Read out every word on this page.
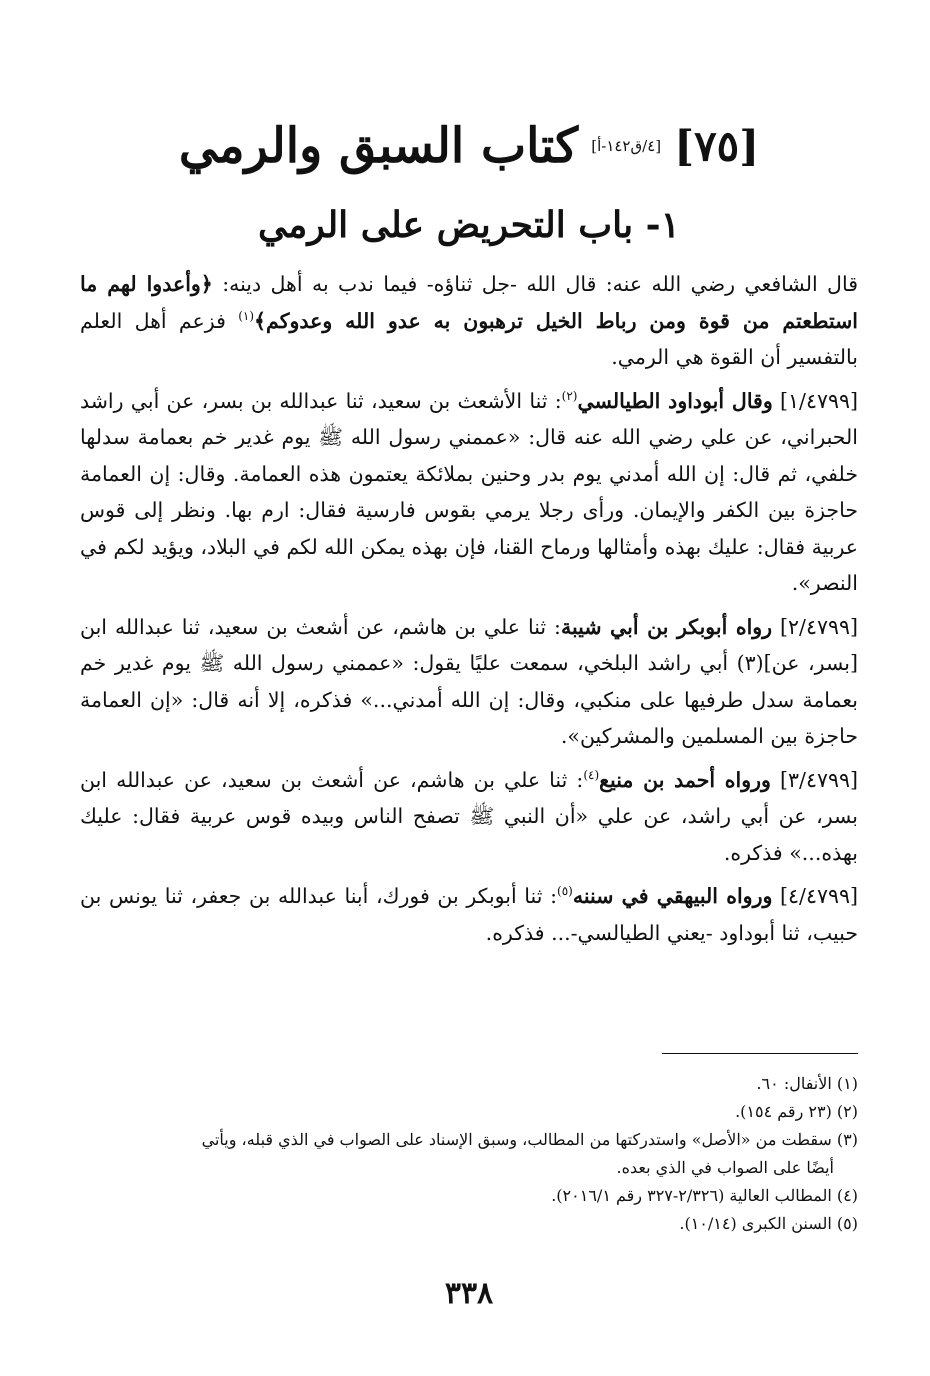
[٧٥] [٤/ق١٤٢-أ] كتاب السبق والرمي
١- باب التحريض على الرمي

قال الشافعي رضي الله عنه: قال الله -جل ثناؤه- فيما ندب به أهل دينه: ﴿وأعدوا لهم ما استطعتم من قوة ومن رباط الخيل ترهبون به عدو الله وعدوكم﴾$^{(١)}$ فزعم أهل العلم بالتفسير أن القوة هي الرمي.

[١/٤٧٩٩] وقال أبوداود الطيالسي$^{(٢)}$: ثنا الأشعث بن سعيد، ثنا عبدالله بن بسر، عن أبي راشد الحبراني، عن علي رضي الله عنه قال: «عممني رسول الله ﷺ يوم غدير خم بعمامة سدلها خلفي، ثم قال: إن الله أمدني يوم بدر وحنين بملائكة يعتمون هذه العمامة. وقال: إن العمامة حاجزة بين الكفر والإيمان. ورأى رجلا يرمي بقوس فارسية فقال: ارم بها. ونظر إلى قوس عربية فقال: عليك بهذه وأمثالها ورماح القنا، فإن بهذه يمكن الله لكم في البلاد، ويؤيد لكم في النصر».

[٢/٤٧٩٩] رواه أبوبكر بن أبي شيبة: ثنا علي بن هاشم، عن أشعث بن سعيد، ثنا عبدالله ابن [بسر، عن](٣) أبي راشد البلخي، سمعت عليًا يقول: «عممني رسول الله ﷺ يوم غدير خم بعمامة سدل طرفيها على منكبي، وقال: إن الله أمدني...» فذكره، إلا أنه قال: «إن العمامة حاجزة بين المسلمين والمشركين».

[٣/٤٧٩٩] ورواه أحمد بن منيع$^{(٤)}$: ثنا علي بن هاشم، عن أشعث بن سعيد، عن عبدالله ابن بسر، عن أبي راشد، عن علي «أن النبي ﷺ تصفح الناس وبيده قوس عربية فقال: عليك بهذه...» فذكره.

[٤/٤٧٩٩] ورواه البيهقي في سننه$^{(٥)}$: ثنا أبوبكر بن فورك، أبنا عبدالله بن جعفر، ثنا يونس بن حبيب، ثنا أبوداود -يعني الطيالسي-... فذكره.

(١) الأنفال: ٦٠.

(٢) (٢٣ رقم ١٥٤).

(٣) سقطت من «الأصل» واستدركتها من المطالب، وسبق الإسناد على الصواب في الذي قبله، ويأتي

أيضًا على الصواب في الذي بعده.

(٤) المطالب العالية (٢/٣٢٦-٣٢٧ رقم ٢٠١٦/١).

(٥) السنن الكبرى (١٠/١٤).

٣٣٨
